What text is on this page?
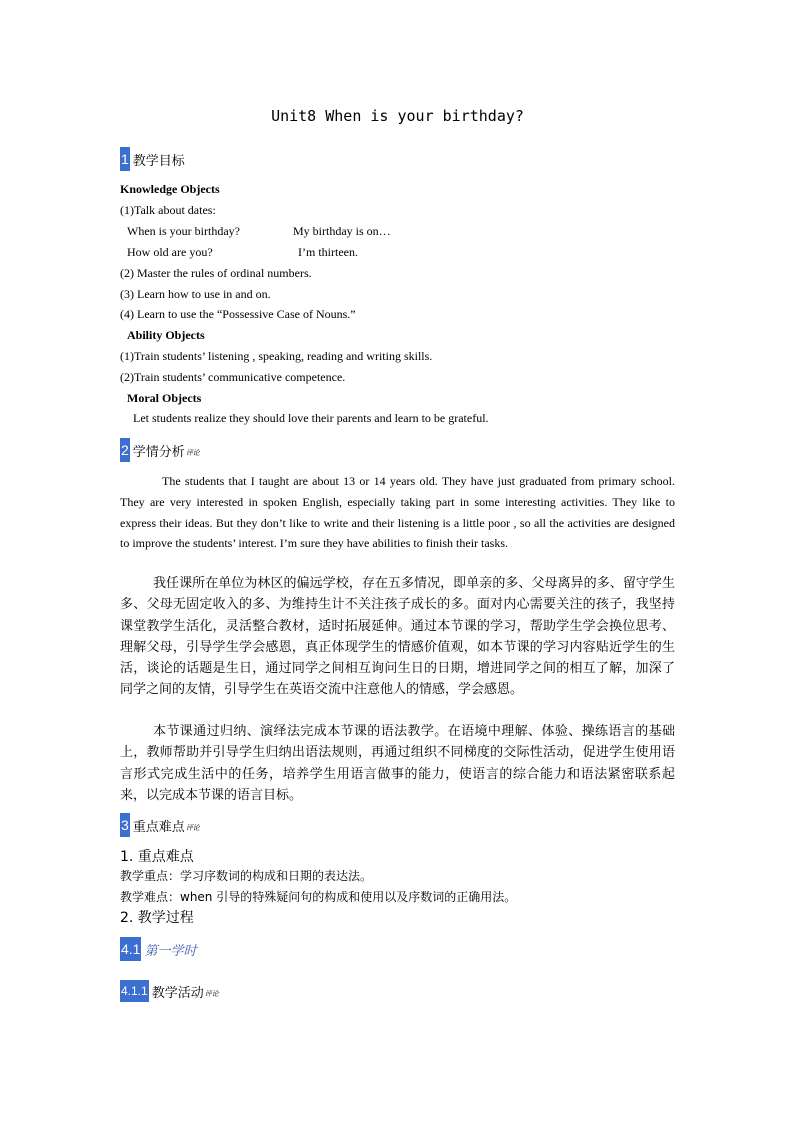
Unit8 When is your birthday?
1 教学目标
Knowledge Objects
(1)Talk about dates:
When is your birthday?	My birthday is on…
How old are you?	I’m thirteen.
(2) Master the rules of ordinal numbers.
(3) Learn how to use in and on.
(4) Learn to use the “Possessive Case of Nouns.”
Ability Objects
(1)Train students’ listening , speaking, reading and writing skills.
(2)Train students’ communicative competence.
Moral Objects
Let students realize they should love their parents and learn to be grateful.
2 学情分析 评论
The students that I taught are about 13 or 14 years old. They have just graduated from primary school. They are very interested in spoken English, especially taking part in some interesting activities. They like to express their ideas. But they don’t like to write and their listening is a little poor , so all the activities are designed to improve the students’ interest. I’m sure they have abilities to finish their tasks.
我任课所在单位为林区的偏远学校，存在五多情况，即单亲的多、父母离异的多、留守学生多、父母无固定收入的多、为维持生计不关注孩子成长的多。面对内心需要关注的孩子，我坚持课堂教学生活化，灵活整合教材，适时拓展延伸。通过本节课的学习，帮助学生学会换位思考、理解父母，引导学生学会感恩，真正体现学生的情感价值观，如本节课的学习内容贴近学生的生活，谈论的话题是生日，通过同学之间相互询问生日的日期，增进同学之间的相互了解，加深了同学之间的友情，引导学生在英语交流中注意他人的情感，学会感恩。
本节课通过归纳、演绎法完成本节课的语法教学。在语境中理解、体验、操练语言的基础上，教师帮助并引导学生归纳出语法规则，再通过组织不同梯度的交际性活动，促进学生使用语言形式完成生活中的任务，培养学生用语言做事的能力，使语言的综合能力和语法紧密联系起来，以完成本节课的语言目标。
3 重点难点 评论
1. 重点难点
教学重点：学习序数词的构成和日期的表达法。
教学难点：when 引导的特殊疑问句的构成和使用以及序数词的正确用法。
2. 教学过程
4.1 第一学时
4.1.1 教学活动 评论
